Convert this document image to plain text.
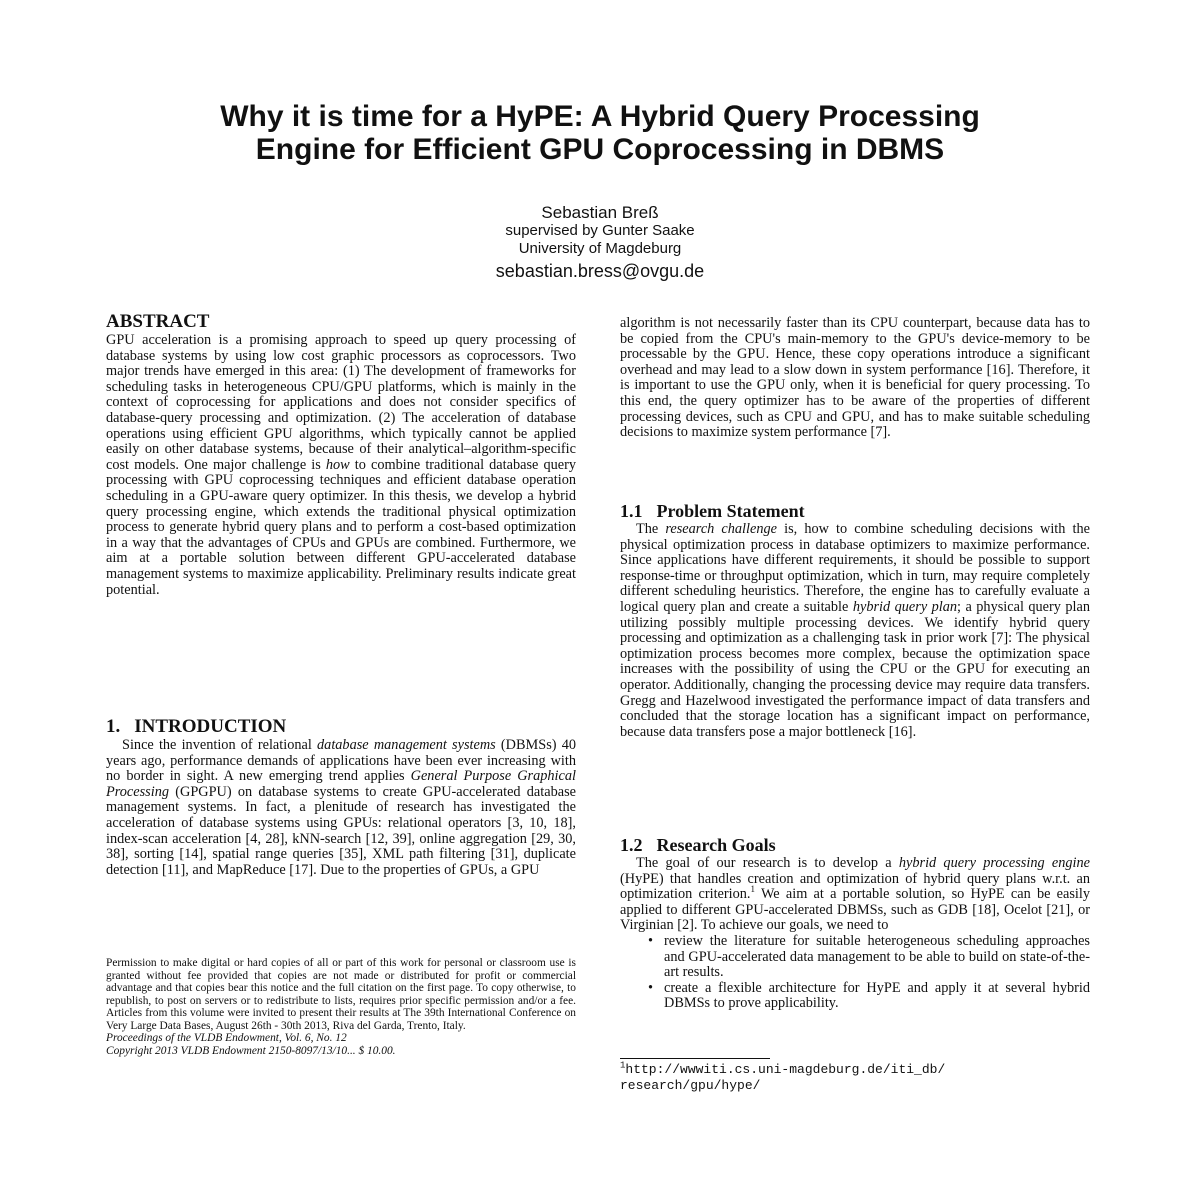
Why it is time for a HyPE: A Hybrid Query Processing
Engine for Efficient GPU Coprocessing in DBMS
Sebastian Breß
supervised by Gunter Saake
University of Magdeburg
sebastian.bress@ovgu.de
ABSTRACT

GPU acceleration is a promising approach to speed up query processing of database systems by using low cost graphic processors as coprocessors. Two major trends have emerged in this area: (1) The development of frameworks for scheduling tasks in heterogeneous CPU/GPU platforms, which is mainly in the context of coprocessing for applications and does not consider specifics of database-query processing and optimization. (2) The acceleration of database operations using efficient GPU algorithms, which typically cannot be applied easily on other database systems, because of their analytical–algorithm-specific cost models. One major challenge is how to combine traditional database query processing with GPU coprocessing techniques and efficient database operation scheduling in a GPU-aware query optimizer. In this thesis, we develop a hybrid query processing engine, which extends the traditional physical optimization process to generate hybrid query plans and to perform a cost-based optimization in a way that the advantages of CPUs and GPUs are combined. Furthermore, we aim at a portable solution between different GPU-accelerated database management systems to maximize applicability. Preliminary results indicate great potential.

1. INTRODUCTION

Since the invention of relational database management systems (DBMSs) 40 years ago, performance demands of applications have been ever increasing with no border in sight. A new emerging trend applies General Purpose Graphical Processing (GPGPU) on database systems to create GPU-accelerated database management systems. In fact, a plenitude of research has investigated the acceleration of database systems using GPUs: relational operators [3, 10, 18], index-scan acceleration [4, 28], kNN-search [12, 39], online aggregation [29, 30, 38], sorting [14], spatial range queries [35], XML path filtering [31], duplicate detection [11], and MapReduce [17]. Due to the properties of GPUs, a GPU

Permission to make digital or hard copies of all or part of this work for personal or classroom use is granted without fee provided that copies are not made or distributed for profit or commercial advantage and that copies bear this notice and the full citation on the first page. To copy otherwise, to republish, to post on servers or to redistribute to lists, requires prior specific permission and/or a fee. Articles from this volume were invited to present their results at The 39th International Conference on Very Large Data Bases, August 26th - 30th 2013, Riva del Garda, Trento, Italy.

Proceedings of the VLDB Endowment, Vol. 6, No. 12

Copyright 2013 VLDB Endowment 2150-8097/13/10... $ 10.00.

algorithm is not necessarily faster than its CPU counterpart, because data has to be copied from the CPU's main-memory to the GPU's device-memory to be processable by the GPU. Hence, these copy operations introduce a significant overhead and may lead to a slow down in system performance [16]. Therefore, it is important to use the GPU only, when it is beneficial for query processing. To this end, the query optimizer has to be aware of the properties of different processing devices, such as CPU and GPU, and has to make suitable scheduling decisions to maximize system performance [7].

1.1 Problem Statement

The research challenge is, how to combine scheduling decisions with the physical optimization process in database optimizers to maximize performance. Since applications have different requirements, it should be possible to support response-time or throughput optimization, which in turn, may require completely different scheduling heuristics. Therefore, the engine has to carefully evaluate a logical query plan and create a suitable hybrid query plan; a physical query plan utilizing possibly multiple processing devices. We identify hybrid query processing and optimization as a challenging task in prior work [7]: The physical optimization process becomes more complex, because the optimization space increases with the possibility of using the CPU or the GPU for executing an operator. Additionally, changing the processing device may require data transfers. Gregg and Hazelwood investigated the performance impact of data transfers and concluded that the storage location has a significant impact on performance, because data transfers pose a major bottleneck [16].

1.2 Research Goals

The goal of our research is to develop a hybrid query processing engine (HyPE) that handles creation and optimization of hybrid query plans w.r.t. an optimization criterion.$^1$ We aim at a portable solution, so HyPE can be easily applied to different GPU-accelerated DBMSs, such as GDB [18], Ocelot [21], or Virginian [2]. To achieve our goals, we need to

• review the literature for suitable heterogeneous scheduling approaches and GPU-accelerated data management to be able to build on state-of-the-art results.
• create a flexible architecture for HyPE and apply it at several hybrid DBMSs to prove applicability.
$^1$http://wwwiti.cs.uni-magdeburg.de/iti_db/
research/gpu/hype/
